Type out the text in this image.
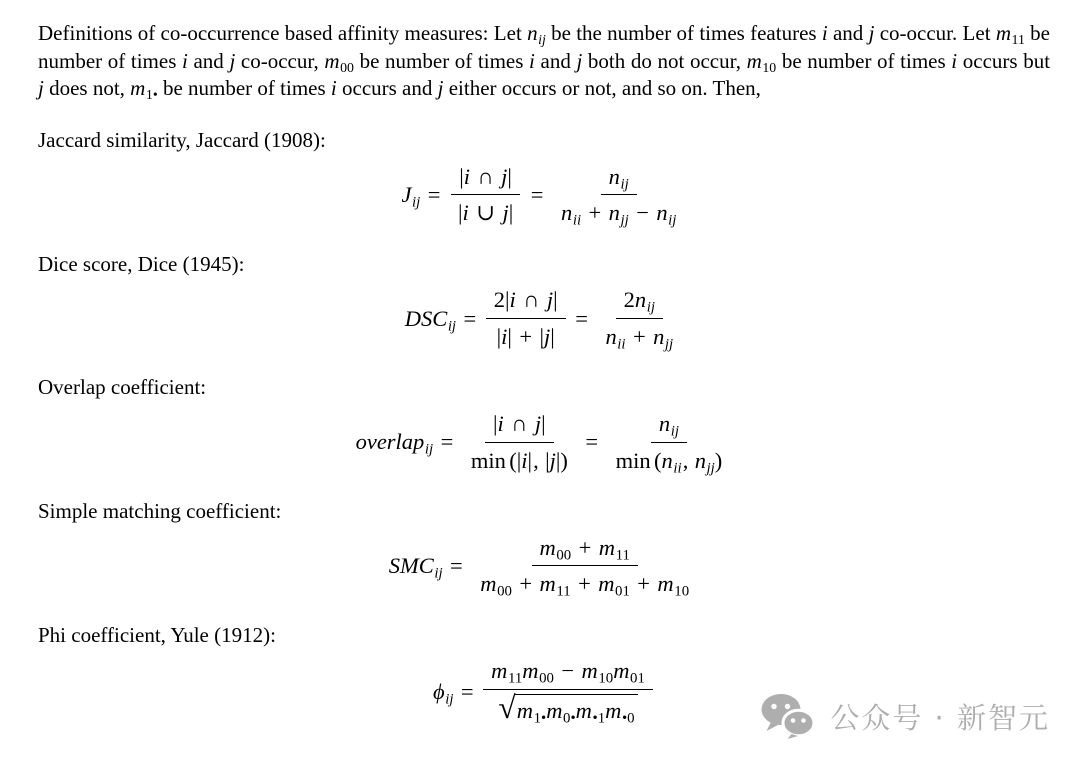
Definitions of co-occurrence based affinity measures: Let nij be the number of times features i and j co-occur. Let m11 be number of times i and j co-occur, m00 be number of times i and j both do not occur, m10 be number of times i occurs but j does not, m1• be number of times i occurs and j either occurs or not, and so on. Then,

Jaccard similarity, Jaccard (1908):
Jij = $\frac{|i \cap j|}{|i \cup j|} = \frac{\text{nij}}{\text{nii + njj − nij}}$
Dice score, Dice (1945):
DSCij = $\frac{2|i \cap j|}{|i| + |j|} = \frac{\text{2nij}}{\text{nii + njj}}$
Overlap coefficient:
overlapij = $\frac{|i \cap j|}{\min (|i|, |j|)} = \frac{\text{nij}}{\text{min (nii, njj)}}$
Simple matching coefficient:
SMCij = $\frac{m00 + m11}{m00 + m11 + m01 + m10}$
Phi coefficient, Yule (1912):
$\phi ij = \frac{m11m00 - m10m01}{√ m1•m0•m•1m•0}$	公众号 · 新智元
